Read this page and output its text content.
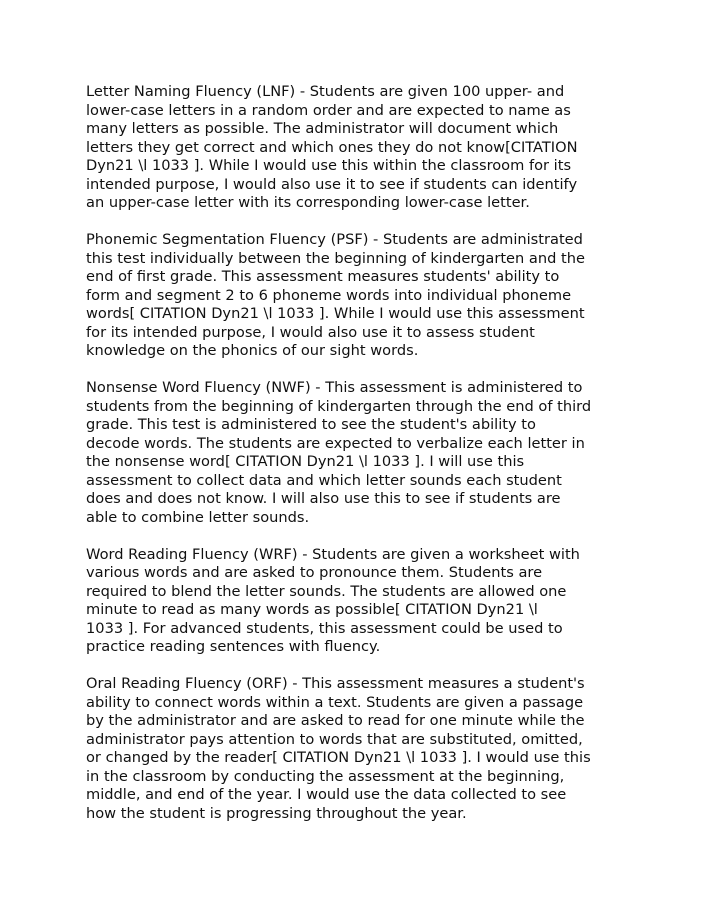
Letter Naming Fluency (LNF) - Students are given 100 upper- and
lower-case letters in a random order and are expected to name as
many letters as possible. The administrator will document which
letters they get correct and which ones they do not know[CITATION
Dyn21 \l 1033 ]. While I would use this within the classroom for its
intended purpose, I would also use it to see if students can identify
an upper-case letter with its corresponding lower-case letter.

Phonemic Segmentation Fluency (PSF) - Students are administrated
this test individually between the beginning of kindergarten and the
end of first grade. This assessment measures students' ability to
form and segment 2 to 6 phoneme words into individual phoneme
words[ CITATION Dyn21 \l 1033 ]. While I would use this assessment
for its intended purpose, I would also use it to assess student
knowledge on the phonics of our sight words.

Nonsense Word Fluency (NWF) - This assessment is administered to
students from the beginning of kindergarten through the end of third
grade. This test is administered to see the student's ability to
decode words. The students are expected to verbalize each letter in
the nonsense word[ CITATION Dyn21 \l 1033 ]. I will use this
assessment to collect data and which letter sounds each student
does and does not know. I will also use this to see if students are
able to combine letter sounds.

Word Reading Fluency (WRF) - Students are given a worksheet with
various words and are asked to pronounce them. Students are
required to blend the letter sounds. The students are allowed one
minute to read as many words as possible[ CITATION Dyn21 \l
1033 ]. For advanced students, this assessment could be used to
practice reading sentences with fluency.

Oral Reading Fluency (ORF) - This assessment measures a student's
ability to connect words within a text. Students are given a passage
by the administrator and are asked to read for one minute while the
administrator pays attention to words that are substituted, omitted,
or changed by the reader[ CITATION Dyn21 \l 1033 ]. I would use this
in the classroom by conducting the assessment at the beginning,
middle, and end of the year. I would use the data collected to see
how the student is progressing throughout the year.
